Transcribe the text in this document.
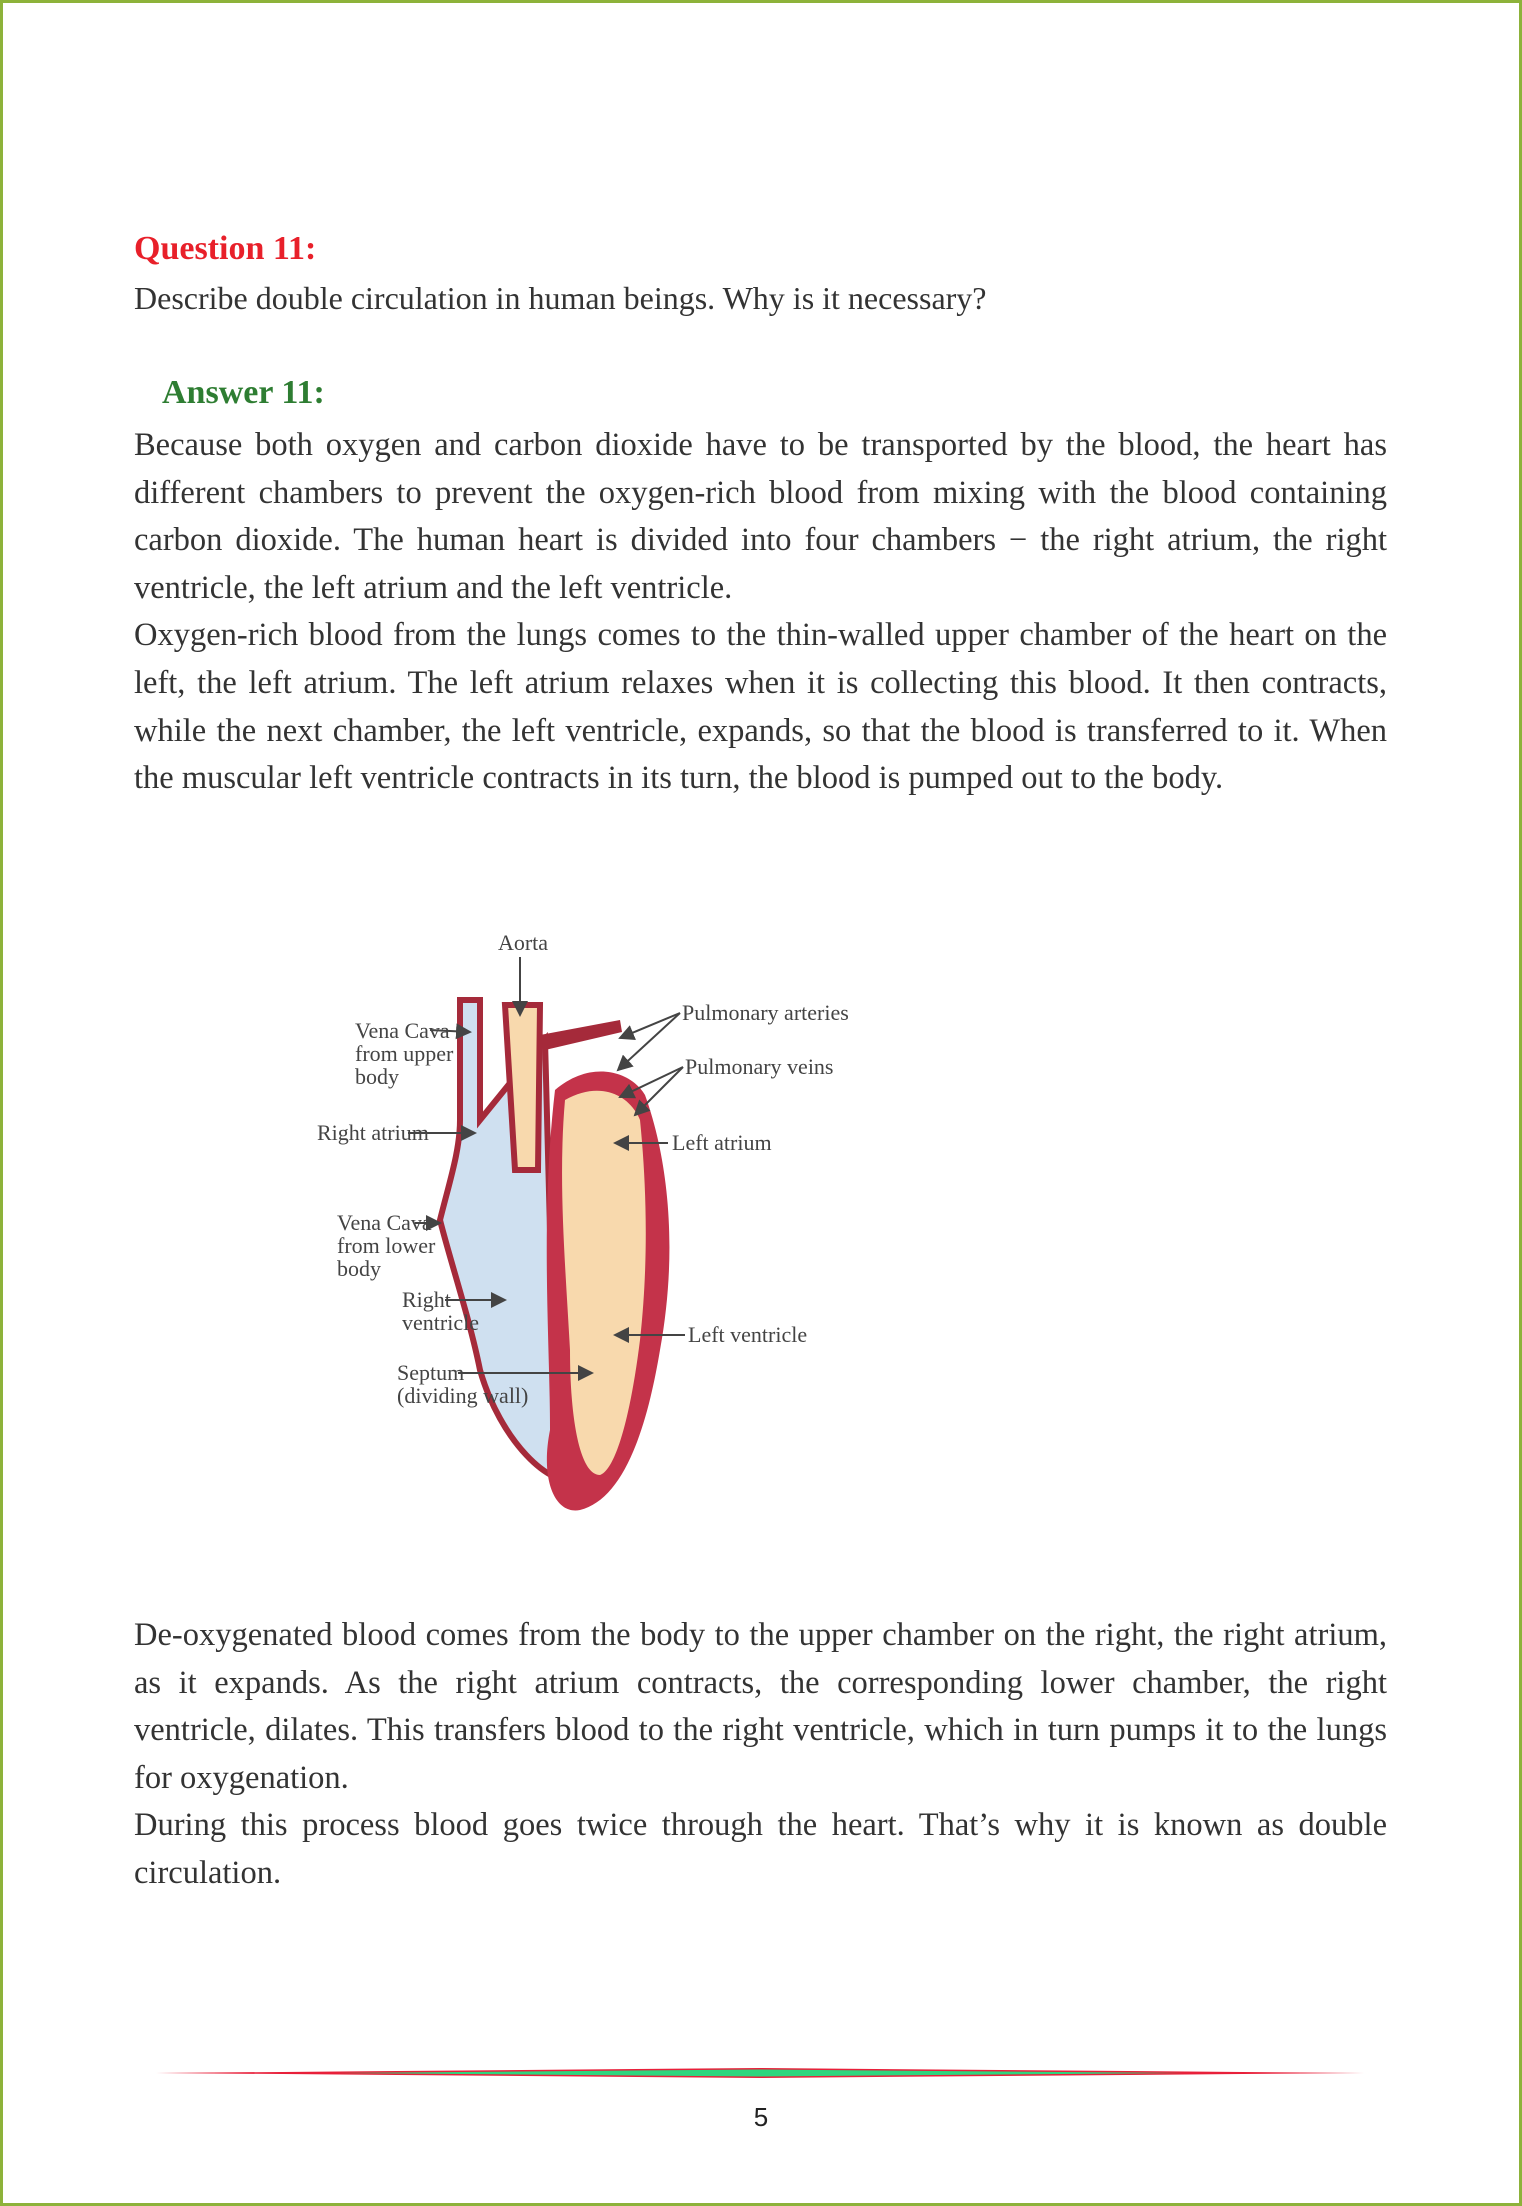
Question 11:
Describe double circulation in human beings. Why is it necessary?
Answer 11:

Because both oxygen and carbon dioxide have to be transported by the blood, the heart has different chambers to prevent the oxygen-rich blood from mixing with the blood containing carbon dioxide. The human heart is divided into four chambers − the right atrium, the right ventricle, the left atrium and the left ventricle.

Oxygen-rich blood from the lungs comes to the thin-walled upper chamber of the heart on the left, the left atrium. The left atrium relaxes when it is collecting this blood. It then contracts, while the next chamber, the left ventricle, expands, so that the blood is transferred to it. When the muscular left ventricle contracts in its turn, the blood is pumped out to the body.

Aorta
Vena Cava
from upper
body
Right atrium
Vena Cava
from lower
body
Right
ventricle
Septum
(dividing wall)
Pulmonary arteries
Pulmonary veins
Left atrium
Left ventricle

De-oxygenated blood comes from the body to the upper chamber on the right, the right atrium, as it expands. As the right atrium contracts, the corresponding lower chamber, the right ventricle, dilates. This transfers blood to the right ventricle, which in turn pumps it to the lungs for oxygenation.

During this process blood goes twice through the heart. That’s why it is known as double circulation.

5
